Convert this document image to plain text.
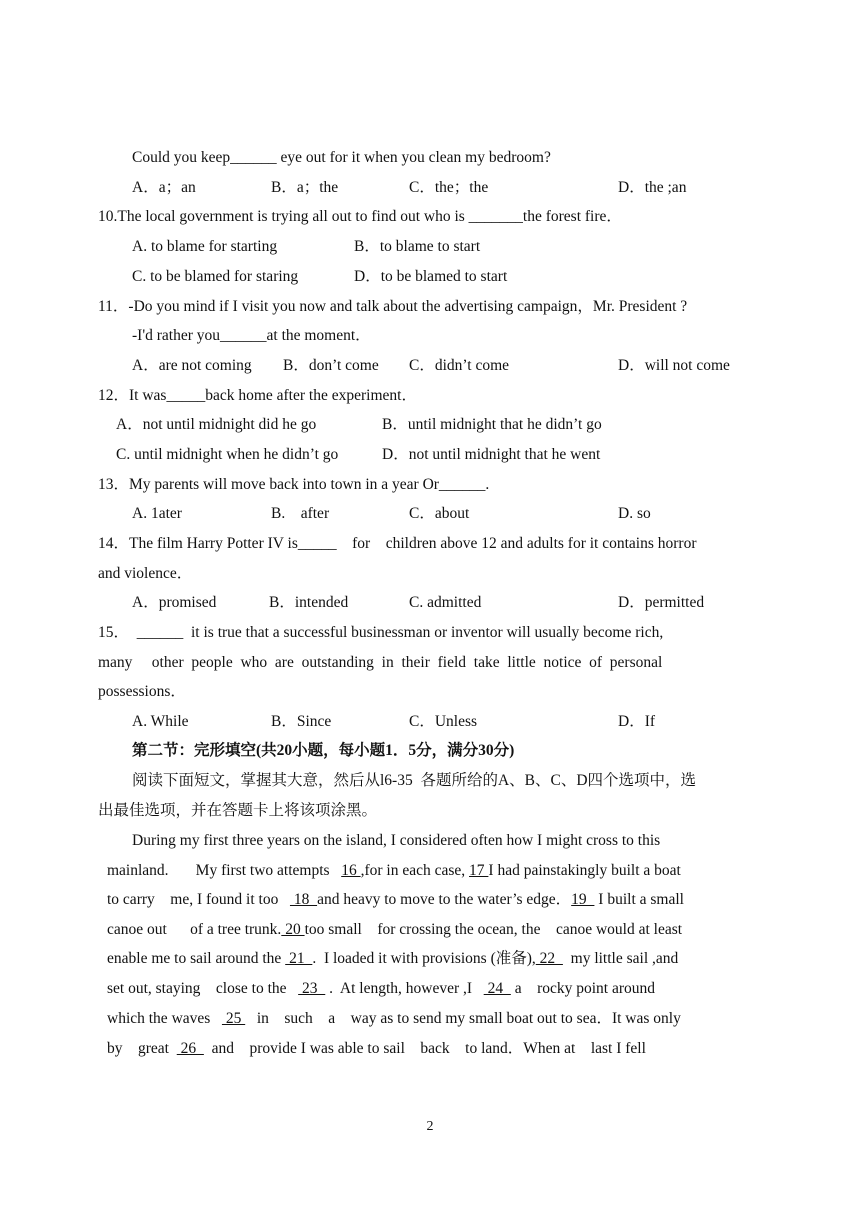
Could you keep______ eye out for it when you clean my bedroom?
A．a；an	B．a；the	C．the；the	D．the ;an
10.The local government is trying all out to find out who is _______the forest fire．
A. to blame for starting	B．to blame to start
C. to be blamed for staring	D．to be blamed to start
11．-Do you mind if I visit you now and talk about the advertising campaign，Mr. President ?
-I'd rather you______at the moment．
A．are not coming B．don’t come C．didn’t come	D．will not come
12．It was_____back home after the experiment．
A．not until midnight did he go	B．until midnight that he didn’t go
C. until midnight when he didn’t go	D．not until midnight that he went
13．My parents will move back into town in a year Or______.
A. 1ater	B.    after	C．about	D. so
14．The film Harry Potter IV is_____    for    children above 12 and adults for it contains horror
and violence．
A．promised	B．intended	C. admitted	D．permitted
15．  ______  it is true that a successful businessman or inventor will usually become rich,
many     other  people  who  are  outstanding  in  their  field  take  little  notice  of  personal
possessions．
A. While	B．Since	C．Unless	D．If
第二节：完形填空(共20小题，每小题1．5分，满分30分)
阅读下面短文，掌握其大意，然后从l6-35  各题所给的A、B、C、D四个选项中，选
出最佳选项，并在答题卡上将该项涂黑。
During my first three years on the island, I considered often how I might cross to this
mainland.       My first two attempts   16 ,for in each case, 17 I had painstakingly built a boat
to carry    me, I found it too    18  and heavy to move to the water’s edge．19   I built a small
canoe out      of a tree trunk. 20 too small    for crossing the ocean, the    canoe would at least
enable me to sail around the  21  .  I loaded it with provisions (准备), 22    my little sail ,and
set out, staying    close to the    23   .  At length, however ,I    24   a    rocky point around
which the waves    25    in    such    a    way as to send my small boat out to sea．It was only
by    great   26    and    provide I was able to sail    back    to land．When at    last I fell
2
